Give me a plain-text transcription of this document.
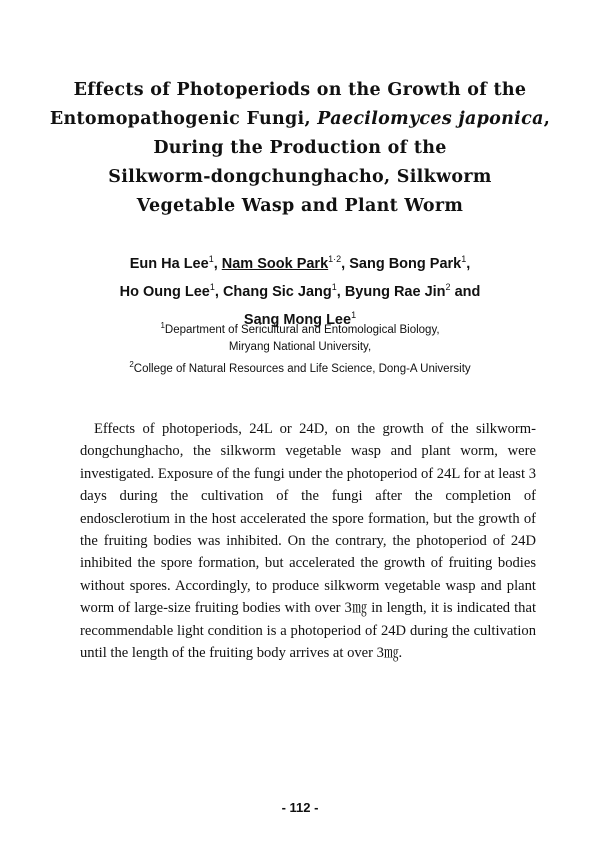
Effects of Photoperiods on the Growth of the
Entomopathogenic Fungi, Paecilomyces japonica,
During the Production of the
Silkworm-dongchunghacho, Silkworm
Vegetable Wasp and Plant Worm
Eun Ha Lee$^1$, Nam Sook Park$^{1\cdot 2}$, Sang Bong Park$^1$,
Ho Oung Lee$^1$, Chang Sic Jang$^1$, Byung Rae Jin$^2$ and
Sang Mong Lee$^1$
$^1$Department of Sericultural and Entomological Biology,
Miryang National University,
$^2$College of Natural Resources and Life Science, Dong-A University

Effects of photoperiods, 24L or 24D, on the growth of the silkworm- dongchunghacho, the silkworm vegetable wasp and plant worm, were investigated. Exposure of the fungi under the photoperiod of 24L for at least 3 days during the cultivation of the fungi after the completion of endosclerotium in the host accelerated the spore formation, but the growth of the fruiting bodies was inhibited. On the contrary, the photoperiod of 24D inhibited the spore formation, but accelerated the growth of fruiting bodies without spores. Accordingly, to produce silkworm vegetable wasp and plant worm of large-size fruiting bodies with over 3㎎ in length, it is indicated that recommendable light condition is a photoperiod of 24D during the cultivation until the length of the fruiting body arrives at over 3㎎.

- 112 -
